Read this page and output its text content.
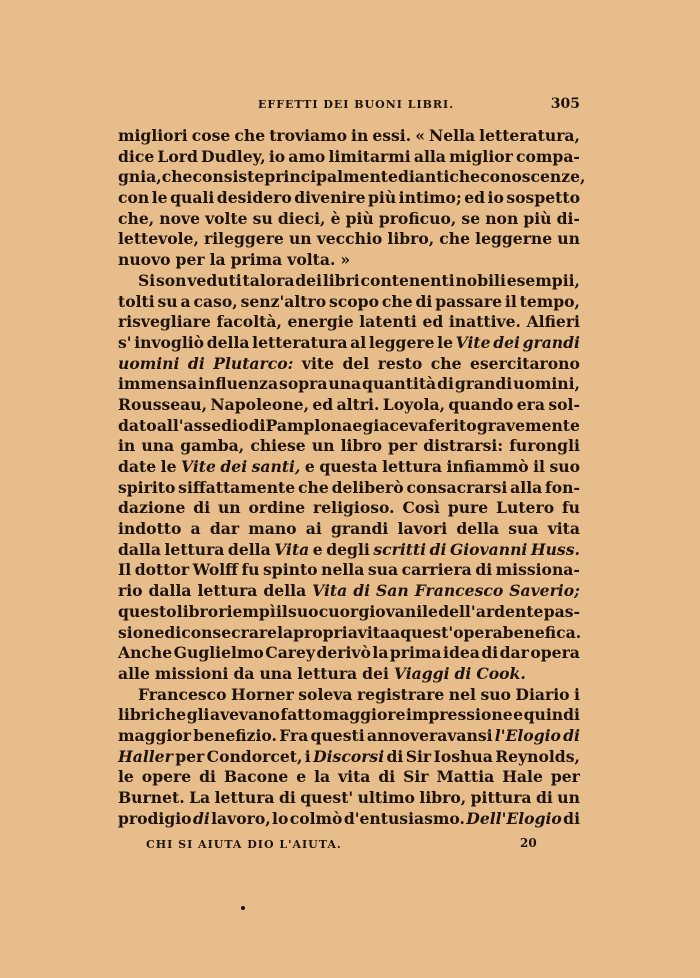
EFFETTI DEI BUONI LIBRI.	305
migliori cose che troviamo in essi. « Nella letteratura,
dice Lord Dudley, io amo limitarmi alla miglior compa-
gnia, che consiste principalmente di antiche conoscenze,
con le quali desidero divenire più intimo; ed io sospetto
che, nove volte su dieci, è più proficuo, se non più di-
lettevole, rileggere un vecchio libro, che leggerne un
nuovo per la prima volta. »
Si son veduti talora dei libri contenenti nobili esempii,
tolti su a caso, senz'altro scopo che di passare il tempo,
risvegliare facoltà, energie latenti ed inattive. Alfieri
s' invogliò della letteratura al leggere le Vite dei grandi
uomini di Plutarco: vite del resto che esercitarono
immensa influenza sopra una quantità di grandi uomini,
Rousseau, Napoleone, ed altri. Loyola, quando era sol-
dato all'assedio di Pamplona e giaceva ferito gravemente
in una gamba, chiese un libro per distrarsi: furongli
date le Vite dei santi, e questa lettura infiammò il suo
spirito siffattamente che deliberò consacrarsi alla fon-
dazione di un ordine religioso. Così pure Lutero fu
indotto a dar mano ai grandi lavori della sua vita
dalla lettura della Vita e degli scritti di Giovanni Huss.
Il dottor Wolff fu spinto nella sua carriera di missiona-
rio dalla lettura della Vita di San Francesco Saverio;
questo libro riempì il suo cuor giovanile dell' ardente pas-
sione di consecrare la propria vita a quest'opera benefica.
Anche Guglielmo Carey derivò la prima idea di dar opera
alle missioni da una lettura dei Viaggi di Cook.
Francesco Horner soleva registrare nel suo Diario i
libri che gli avevano fatto maggiore impressione e quindi
maggior benefizio. Fra questi annoveravansi l'Elogio di
Haller per Condorcet, i Discorsi di Sir Ioshua Reynolds,
le opere di Bacone e la vita di Sir Mattia Hale per
Burnet. La lettura di quest' ultimo libro, pittura di un
prodigio di lavoro, lo colmò d'entusiasmo. Dell'Elogio di
CHI SI AIUTA DIO L'AIUTA.	20
